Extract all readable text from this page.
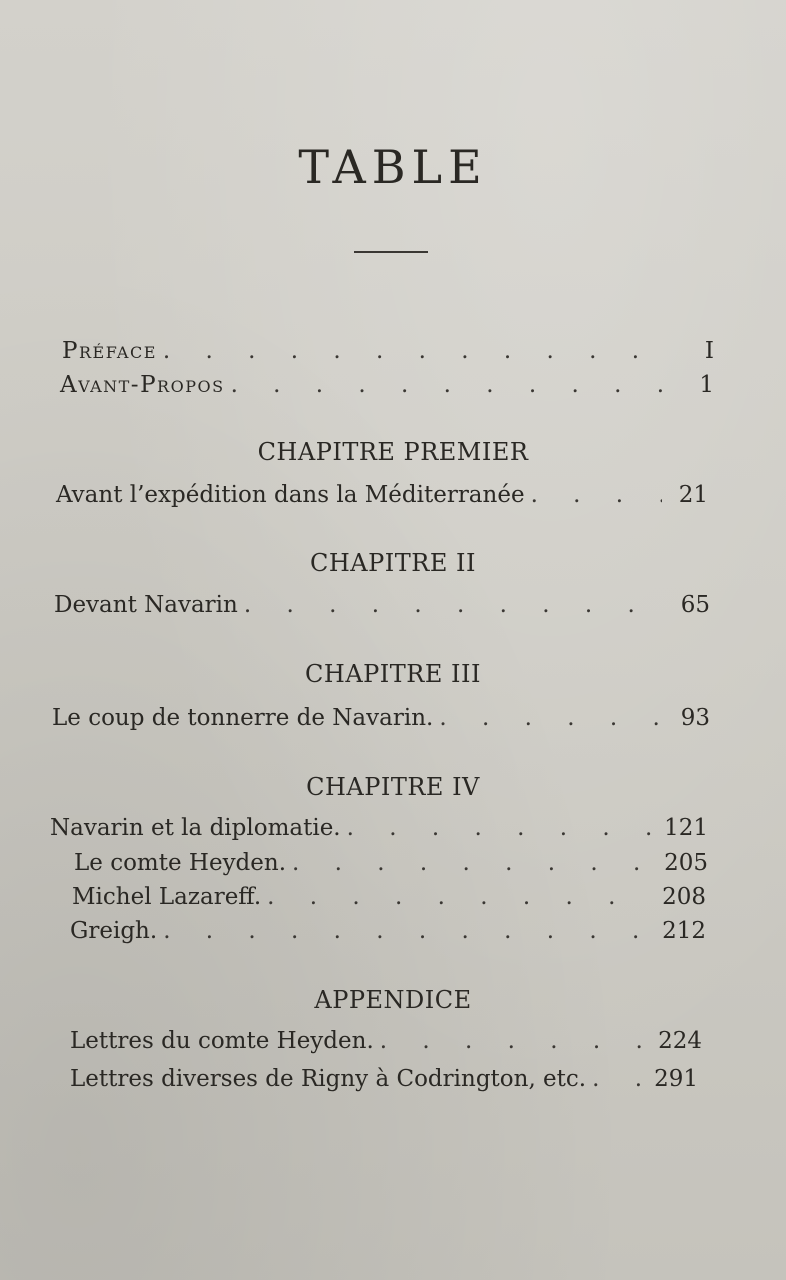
TABLE
Préface . . .	I
Avant-Propos . . .	1
CHAPITRE PREMIER
Avant l’expédition dans la Méditerranée . . .	21
CHAPITRE II
Devant Navarin . . .	65
CHAPITRE III
Le coup de tonnerre de Navarin. . . .	93
CHAPITRE IV
Navarin et la diplomatie. . . .	121
Le comte Heyden. . . .	205
Michel Lazareff. . . .	208
Greigh. . . .	212
APPENDICE
Lettres du comte Heyden. . . .	224
Lettres diverses de Rigny à Codrington, etc. . . .	291
